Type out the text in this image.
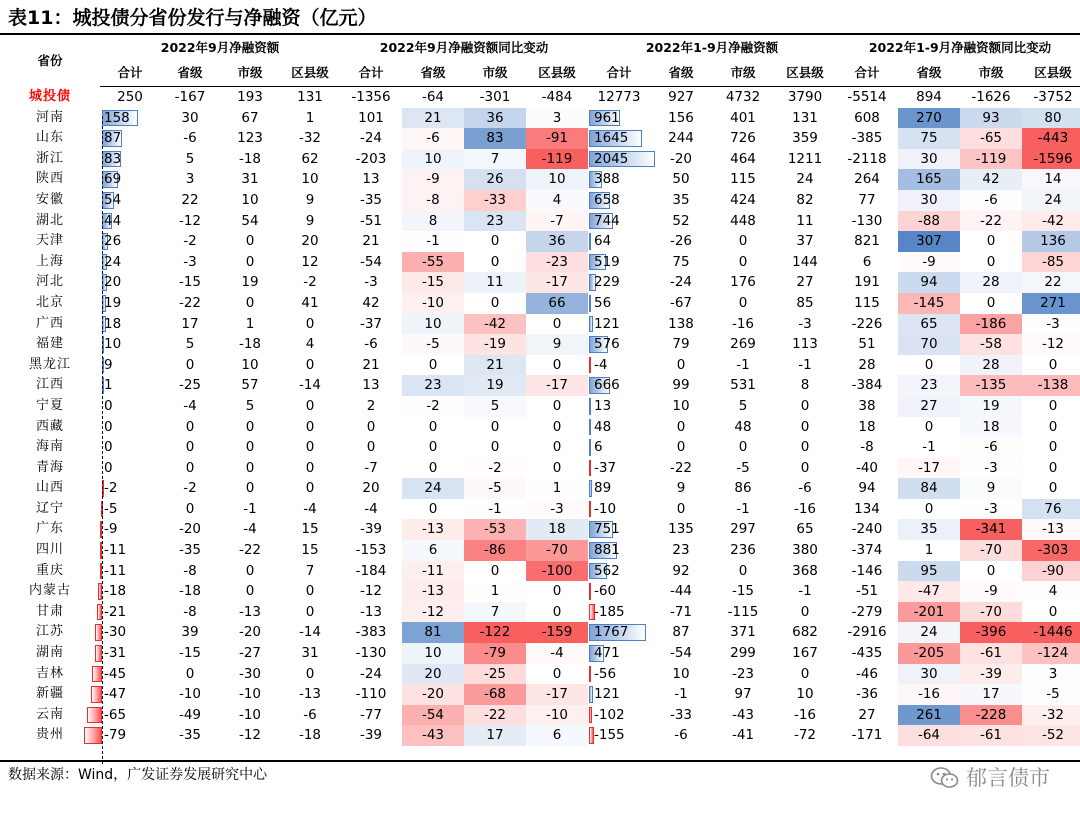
表11：城投债分省份发行与净融资（亿元）
省份	2022年9月净融资额				2022年9月净融资额同比变动				2022年1-9月净融资额				2022年1-9月净融资额同比变动			
	合计	省级	市级	区县级	合计	省级	市级	区县级	合计	省级	市级	区县级	合计	省级	市级	区县级
城投债	250	-167	193	131	-1356	-64	-301	-484	12773	927	4732	3790	-5514	894	-1626	-3752
河南	158	30	67	1	101	21	36	3	961	156	401	131	608	270	93	80
山东	87	-6	123	-32	-24	-6	83	-91	1645	244	726	359	-385	75	-65	-443
浙江	83	5	-18	62	-203	10	7	-119	2045	-20	464	1211	-2118	30	-119	-1596
陕西	69	3	31	10	13	-9	26	10	388	50	115	24	264	165	42	14
安徽	54	22	10	9	-35	-8	-33	4	658	35	424	82	77	30	-6	24
湖北	44	-12	54	9	-51	8	23	-7	744	52	448	11	-130	-88	-22	-42
天津	26	-2	0	20	21	-1	0	36	64	-26	0	37	821	307	0	136
上海	24	-3	0	12	-54	-55	0	-23	519	75	0	144	6	-9	0	-85
河北	20	-15	19	-2	-3	-15	11	-17	229	-24	176	27	191	94	28	22
北京	19	-22	0	41	42	-10	0	66	56	-67	0	85	115	-145	0	271
广西	18	17	1	0	-37	10	-42	0	121	138	-16	-3	-226	65	-186	-3
福建	10	5	-18	4	-6	-5	-19	9	576	79	269	113	51	70	-58	-12
黑龙江	9	0	10	0	21	0	21	0	-4	0	-1	-1	28	0	28	0
江西	1	-25	57	-14	13	23	19	-17	666	99	531	8	-384	23	-135	-138
宁夏	0	-4	5	0	2	-2	5	0	13	10	5	0	38	27	19	0
西藏	0	0	0	0	0	0	0	0	48	0	48	0	18	0	18	0
海南	0	0	0	0	0	0	0	0	6	0	0	0	-8	-1	-6	0
青海	0	0	0	0	-7	0	-2	0	-37	-22	-5	0	-40	-17	-3	0
山西	-2	-2	0	0	20	24	-5	1	89	9	86	-6	94	84	9	0
辽宁	-5	0	-1	-4	-4	0	-1	-3	-10	0	-1	-16	134	0	-3	76
广东	-9	-20	-4	15	-39	-13	-53	18	751	135	297	65	-240	35	-341	-13
四川	-11	-35	-22	15	-153	6	-86	-70	881	23	236	380	-374	1	-70	-303
重庆	-11	-8	0	7	-184	-11	0	-100	562	92	0	368	-146	95	0	-90
内蒙古	-18	-18	0	0	-12	-13	1	0	-60	-44	-15	-1	-51	-47	-9	4
甘肃	-21	-8	-13	0	-13	-12	7	0	-185	-71	-115	0	-279	-201	-70	0
江苏	-30	39	-20	-14	-383	81	-122	-159	1767	87	371	682	-2916	24	-396	-1446
湖南	-31	-15	-27	31	-130	10	-79	-4	471	-54	299	167	-435	-205	-61	-124
吉林	-45	0	-30	0	-24	20	-25	0	-56	10	-23	0	-46	30	-39	3
新疆	-47	-10	-10	-13	-110	-20	-68	-17	121	-1	97	10	-36	-16	17	-5
云南	-65	-49	-10	-6	-77	-54	-22	-10	-102	-33	-43	-16	27	261	-228	-32
贵州	-79	-35	-12	-18	-39	-43	17	6	-155	-6	-41	-72	-171	-64	-61	-52
数据来源：Wind，广发证券发展研究中心	郁言债市
